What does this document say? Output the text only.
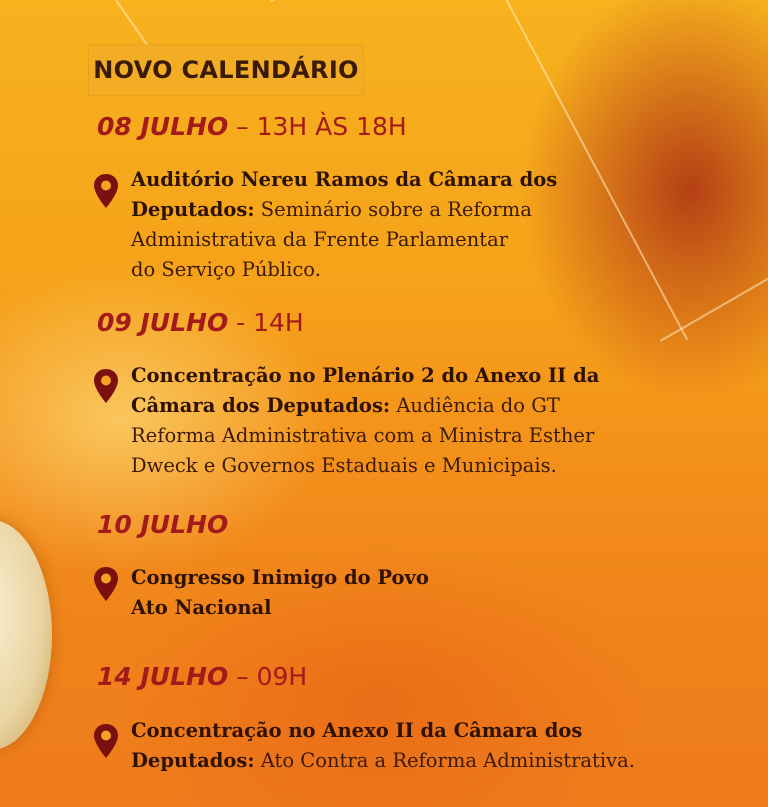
NOVO CALENDÁRIO
08 JULHO – 13H ÀS 18H
Auditório Nereu Ramos da Câmara dos
Deputados: Seminário sobre a Reforma
Administrativa da Frente Parlamentar
do Serviço Público.
09 JULHO - 14H
Concentração no Plenário 2 do Anexo II da
Câmara dos Deputados: Audiência do GT
Reforma Administrativa com a Ministra Esther
Dweck e Governos Estaduais e Municipais.
10 JULHO
Congresso Inimigo do Povo
Ato Nacional
14 JULHO – 09H
Concentração no Anexo II da Câmara dos
Deputados: Ato Contra a Reforma Administrativa.
